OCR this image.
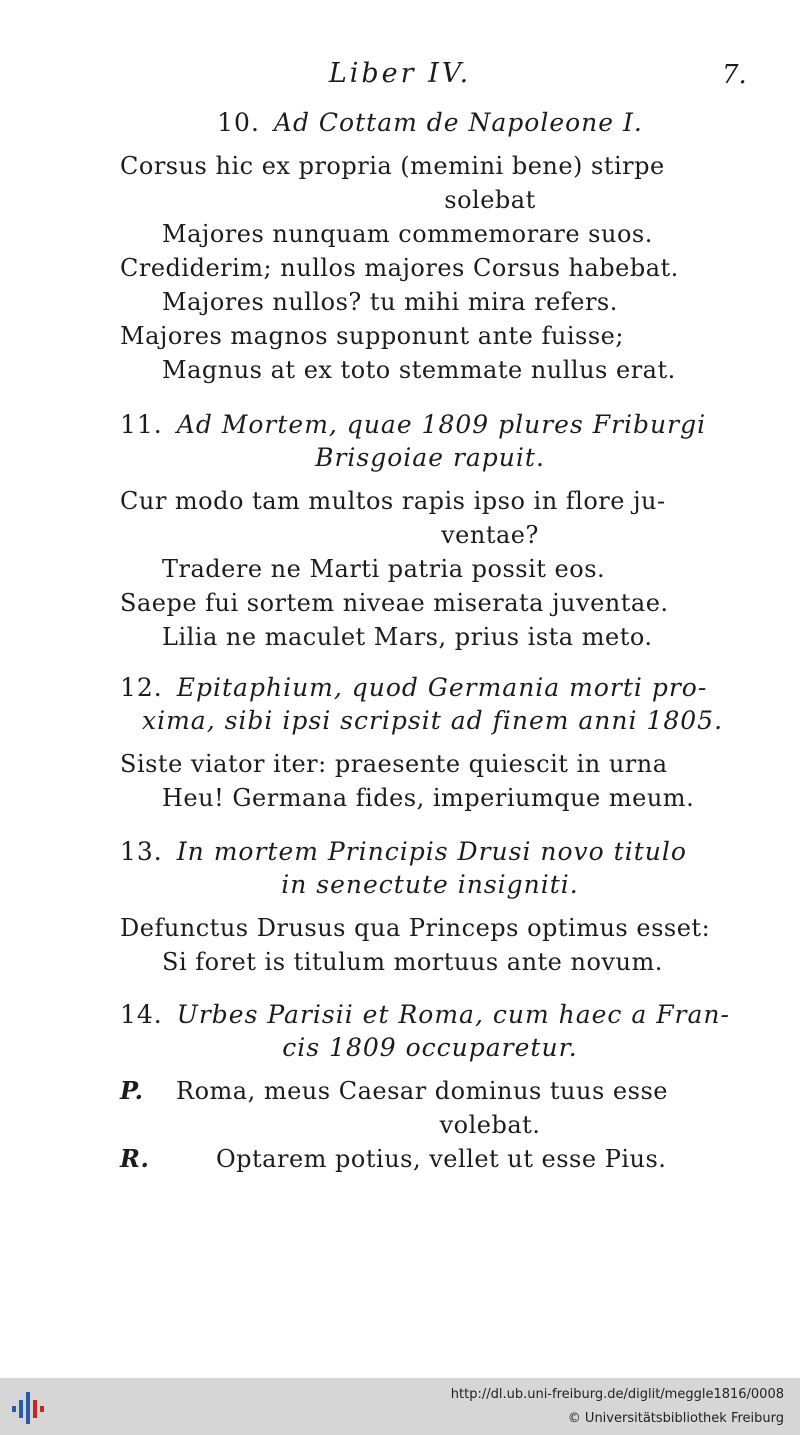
Liber IV.	7.
10. Ad Cottam de Napoleone I.
Corsus hic ex propria (memini bene) stirpe
solebat
Majores nunquam commemorare suos.
Crediderim; nullos majores Corsus habebat.
Majores nullos? tu mihi mira refers.
Majores magnos supponunt ante fuisse;
Magnus at ex toto stemmate nullus erat.
11. Ad Mortem, quae 1809 plures Friburgi
Brisgoiae rapuit.
Cur modo tam multos rapis ipso in flore ju-
ventae?
Tradere ne Marti patria possit eos.
Saepe fui sortem niveae miserata juventae.
Lilia ne maculet Mars, prius ista meto.
12. Epitaphium, quod Germania morti pro-
xima, sibi ipsi scripsit ad finem anni 1805.
Siste viator iter: praesente quiescit in urna
Heu! Germana fides, imperiumque meum.
13. In mortem Principis Drusi novo titulo
in senectute insigniti.
Defunctus Drusus qua Princeps optimus esset:
Si foret is titulum mortuus ante novum.
14. Urbes Parisii et Roma, cum haec a Fran-
cis 1809 occuparetur.
P. Roma, meus Caesar dominus tuus esse
volebat.
R.	Optarem potius, vellet ut esse Pius.
http://dl.ub.uni-freiburg.de/diglit/meggle1816/0008
© Universitätsbibliothek Freiburg
